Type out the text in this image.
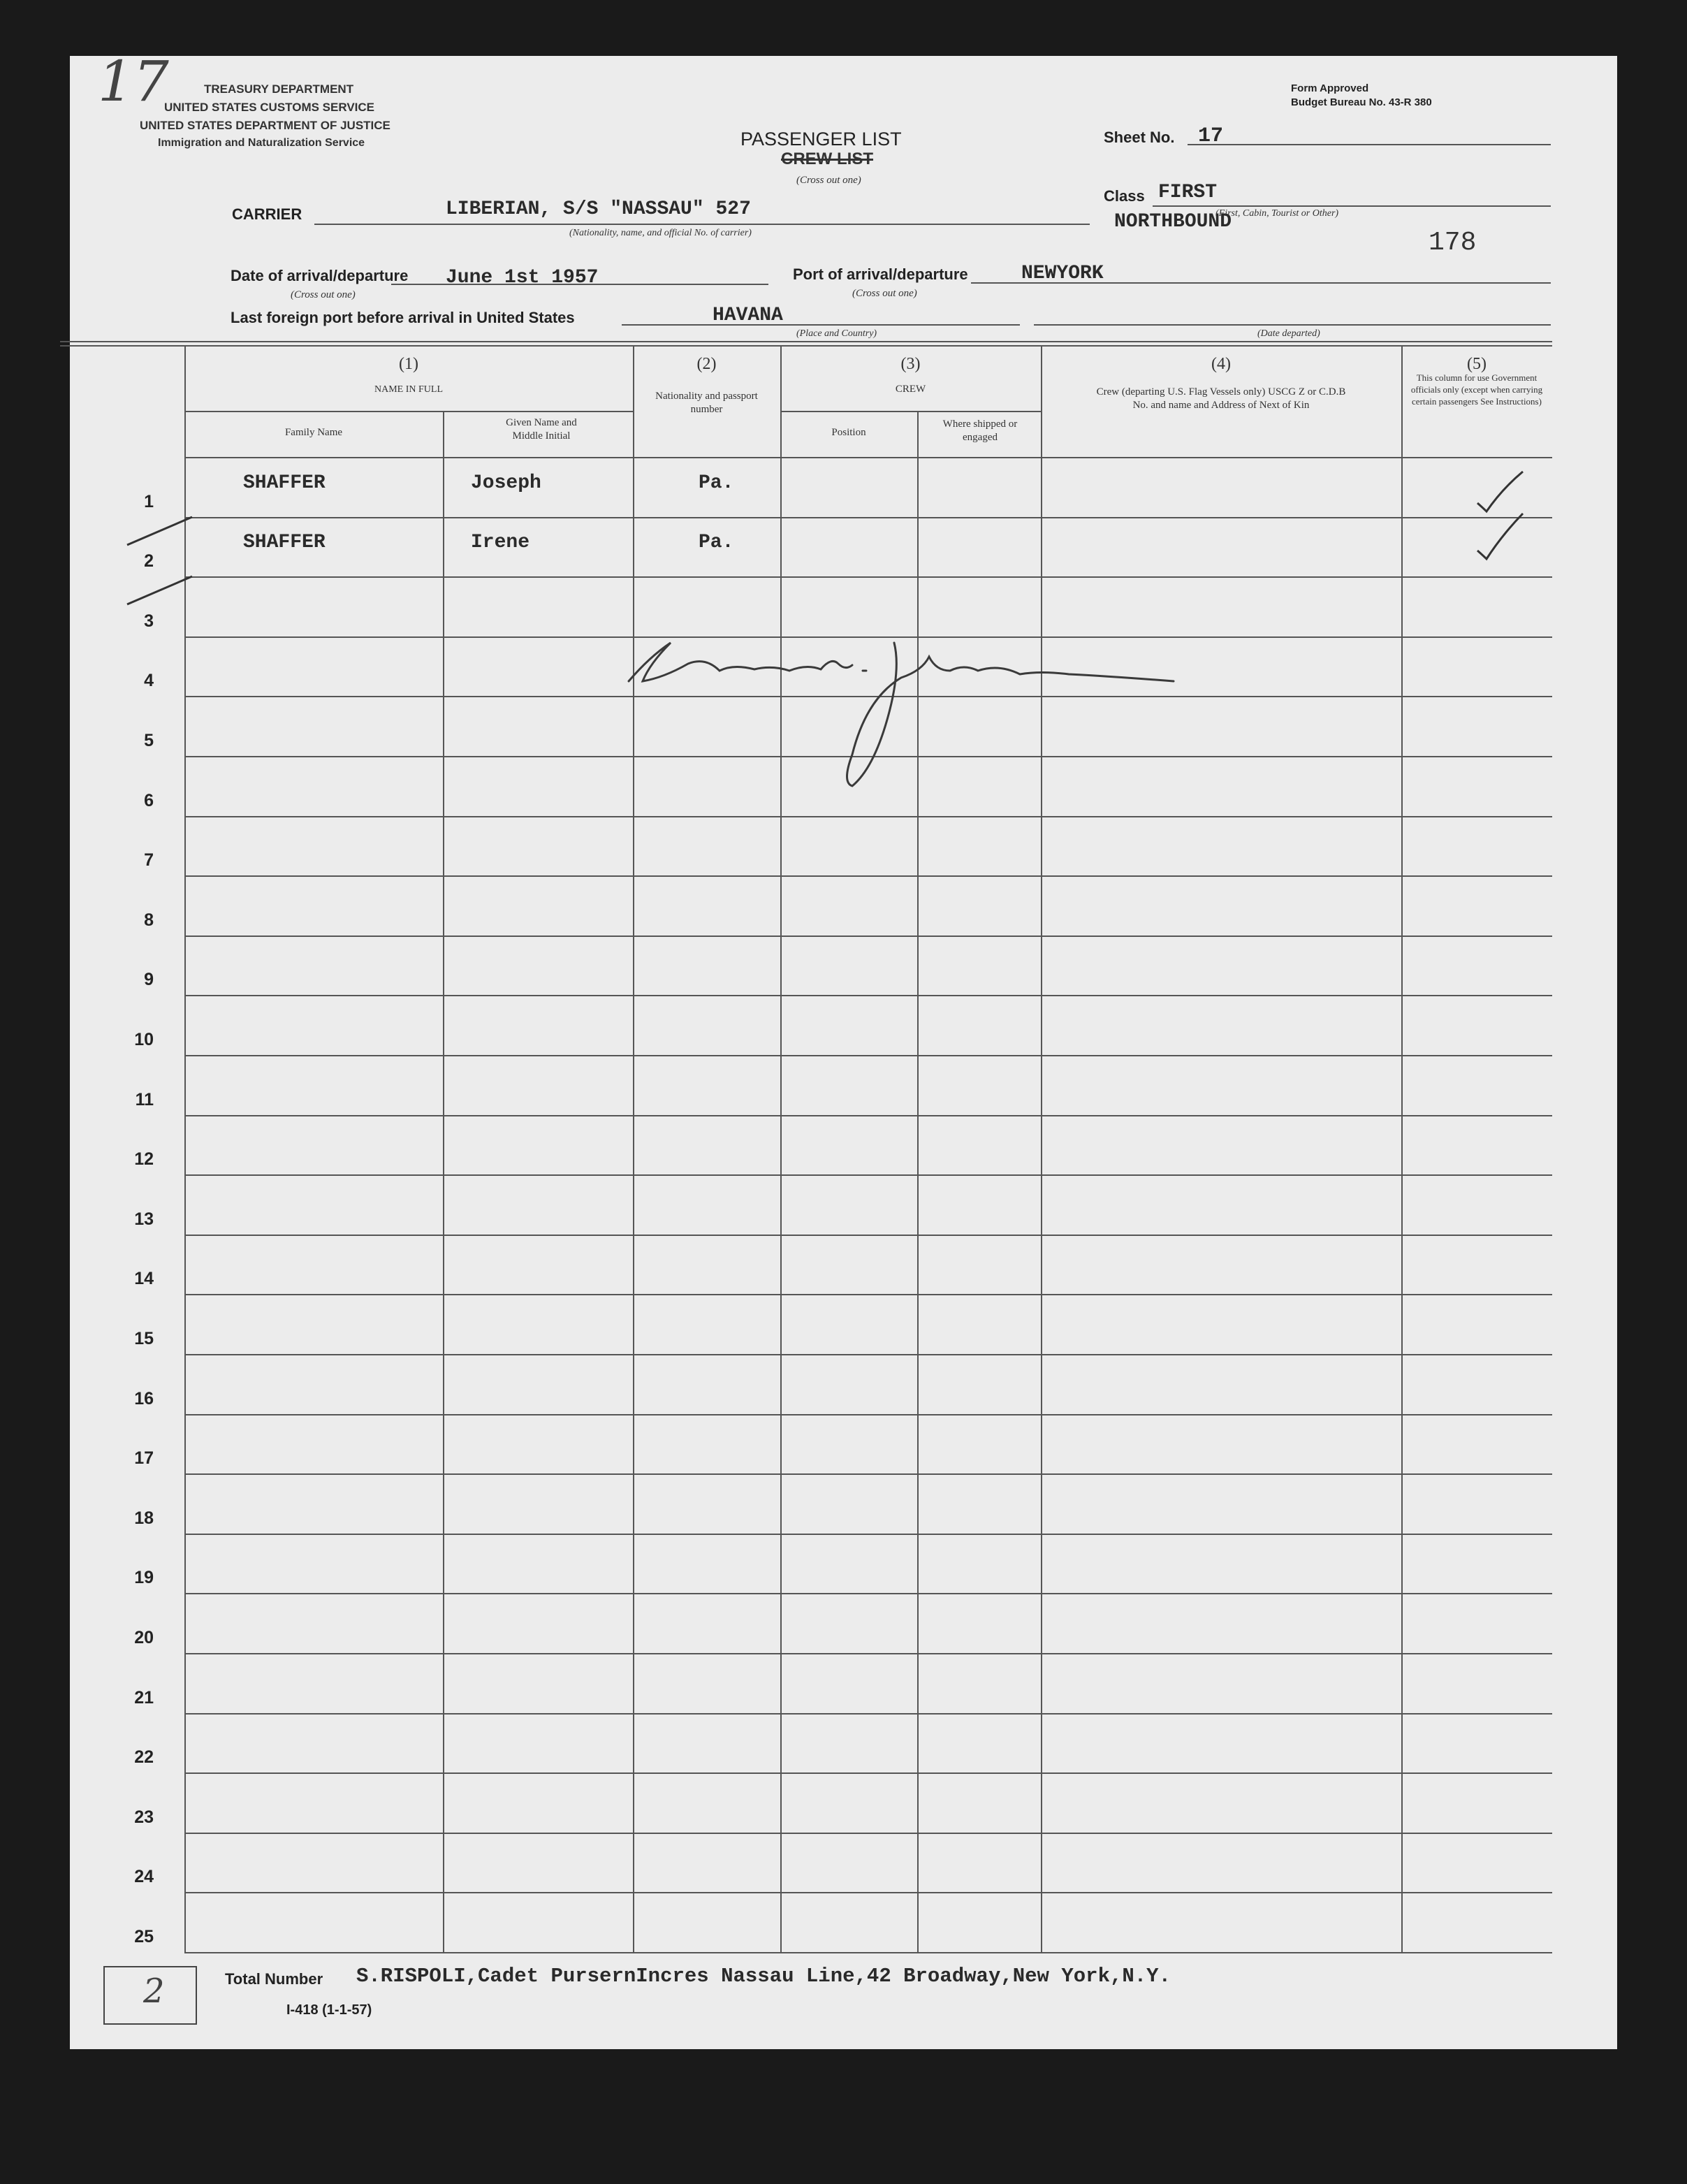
17	TREASURY DEPARTMENT
UNITED STATES CUSTOMS SERVICE
UNITED STATES DEPARTMENT OF JUSTICE
Immigration and Naturalization Service	PASSENGER LIST
CREW LIST
(Cross out one)
Form Approved
Budget Bureau No. 43-R 380
Sheet No. 17
Class FIRST
NORTHBOUND
(First, Cabin, Tourist or Other)
178
CARRIER	LIBERIAN, S/S "NASSAU" 527
(Nationality, name, and official No. of carrier)
Date of arrival/departure
(Cross out one)
June 1st 1957	Port of arrival/departure
(Cross out one)
NEWYORK
Last foreign port before arrival in United States	HAVANA
(Place and Country)	(Date departed)
(1)
NAME IN FULL
Family Name
Given Name and Middle Initial
(2)
Nationality and passport number
(3)
CREW
Position
Where shipped or engaged
(4)
Crew (departing U.S. Flag Vessels only) USCG Z or C.D.B No. and name and Address of Next of Kin
(5)
This column for use Government officials only (except when carrying certain passengers See Instructions)
1
SHAFFER	Joseph	Pa.
2
SHAFFER	Irene	Pa.
3
4
5
6
7
8
9
10
11
12
13
14
15
16
17
18
19
20
21
22
23
24
25
2	Total Number S.RISPOLI,Cadet PursernIncres Nassau Line,42 Broadway,New York,N.Y.
I-418 (1-1-57)
